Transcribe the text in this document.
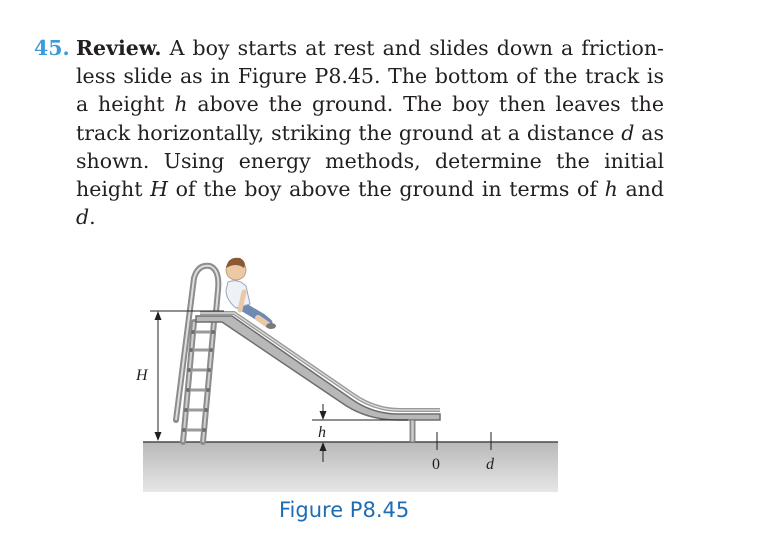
45. Review. A boy starts at rest and slides down a friction- less slide as in Figure P8.45. The bottom of the track is a height h above the ground. The boy then leaves the track horizontally, striking the ground at a distance d as shown. Using energy methods, determine the initial height H of the boy above the ground in terms of h and d.
H
h
0	d
Figure P8.45
